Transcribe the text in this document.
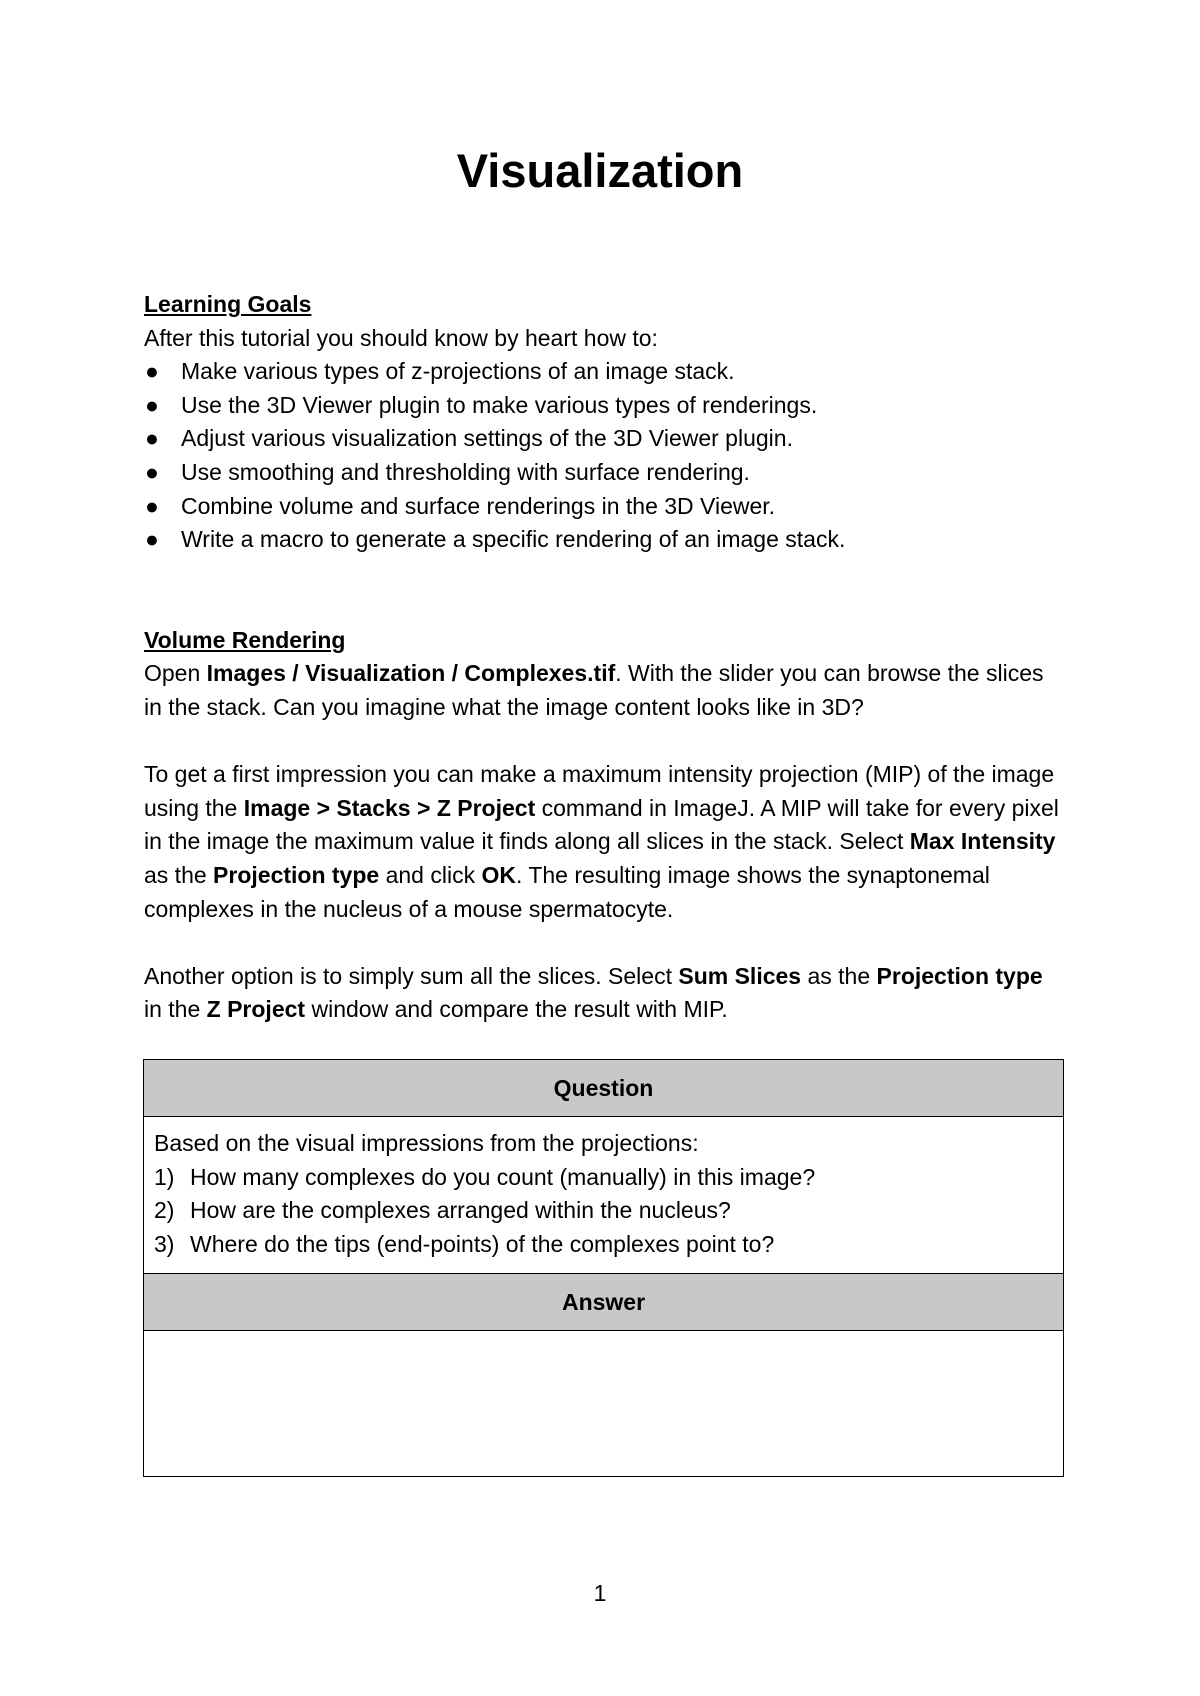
Visualization

Learning Goals

After this tutorial you should know by heart how to:

● Make various types of z-projections of an image stack.
● Use the 3D Viewer plugin to make various types of renderings.
● Adjust various visualization settings of the 3D Viewer plugin.
● Use smoothing and thresholding with surface rendering.
● Combine volume and surface renderings in the 3D Viewer.
● Write a macro to generate a specific rendering of an image stack.

Volume Rendering

Open Images / Visualization / Complexes.tif. With the slider you can browse the slices in the stack. Can you imagine what the image content looks like in 3D?

To get a first impression you can make a maximum intensity projection (MIP) of the image using the Image > Stacks > Z Project command in ImageJ. A MIP will take for every pixel in the image the maximum value it finds along all slices in the stack. Select Max Intensity as the Projection type and click OK. The resulting image shows the synaptonemal complexes in the nucleus of a mouse spermatocyte.

Another option is to simply sum all the slices. Select Sum Slices as the Projection type in the Z Project window and compare the result with MIP.

Question
Based on the visual impressions from the projections:
1) How many complexes do you count (manually) in this image?
2) How are the complexes arranged within the nucleus?
3) Where do the tips (end-points) of the complexes point to?
Answer
1
